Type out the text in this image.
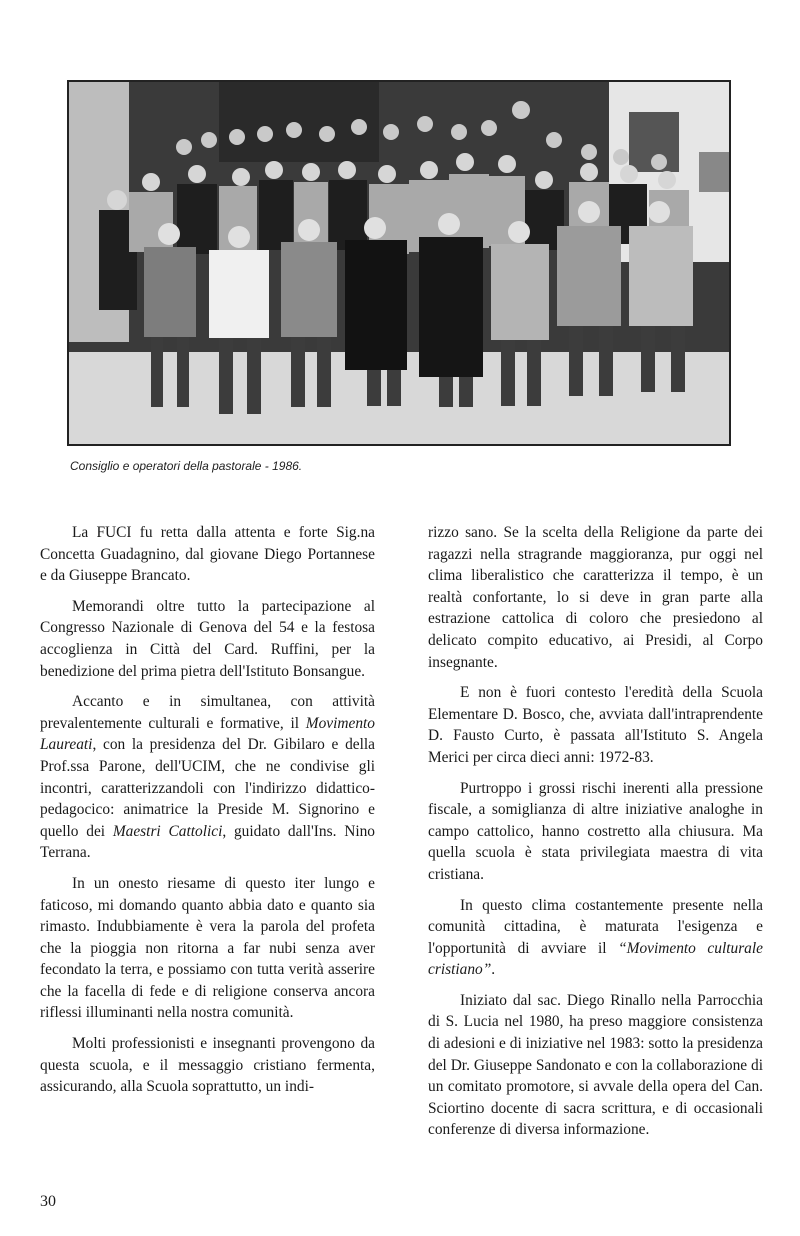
Consiglio e operatori della pastorale - 1986.

La FUCI fu retta dalla attenta e forte Sig.na Concetta Guadagnino, dal giovane Diego Portannese e da Giuseppe Brancato.

Memorandi oltre tutto la partecipazione al Congresso Nazionale di Genova del 54 e la festosa accoglienza in Città del Card. Ruffini, per la benedizione del prima pietra dell'Istituto Bonsangue.

Accanto e in simultanea, con attività prevalentemente culturali e formative, il Movimento Laureati, con la presidenza del Dr. Gibilaro e della Prof.ssa Parone, dell'UCIM, che ne condivise gli incontri, caratterizzandoli con l'indirizzo didattico-pedagocico: animatrice la Preside M. Signorino e quello dei Maestri Cattolici, guidato dall'Ins. Nino Terrana.

In un onesto riesame di questo iter lungo e faticoso, mi domando quanto abbia dato e quanto sia rimasto. Indubbiamente è vera la parola del profeta che la pioggia non ritorna a far nubi senza aver fecondato la terra, e possiamo con tutta verità asserire che la facella di fede e di religione conserva ancora riflessi illuminanti nella nostra comunità.

Molti professionisti e insegnanti provengono da questa scuola, e il messaggio cristiano fermenta, assicurando, alla Scuola soprattutto, un indi-

rizzo sano. Se la scelta della Religione da parte dei ragazzi nella stragrande maggioranza, pur oggi nel clima liberalistico che caratterizza il tempo, è un realtà confortante, lo si deve in gran parte alla estrazione cattolica di coloro che presiedono al delicato compito educativo, ai Presidi, al Corpo insegnante.

E non è fuori contesto l'eredità della Scuola Elementare D. Bosco, che, avviata dall'intraprendente D. Fausto Curto, è passata all'Istituto S. Angela Merici per circa dieci anni: 1972-83.

Purtroppo i grossi rischi inerenti alla pressione fiscale, a somiglianza di altre iniziative analoghe in campo cattolico, hanno costretto alla chiusura. Ma quella scuola è stata privilegiata maestra di vita cristiana.

In questo clima costantemente presente nella comunità cittadina, è maturata l'esigenza e l'opportunità di avviare il “Movimento culturale cristiano”.

Iniziato dal sac. Diego Rinallo nella Parrocchia di S. Lucia nel 1980, ha preso maggiore consistenza di adesioni e di iniziative nel 1983: sotto la presidenza del Dr. Giuseppe Sandonato e con la collaborazione di un comitato promotore, si avvale della opera del Can. Sciortino docente di sacra scrittura, e di occasionali conferenze di diversa informazione.

30
